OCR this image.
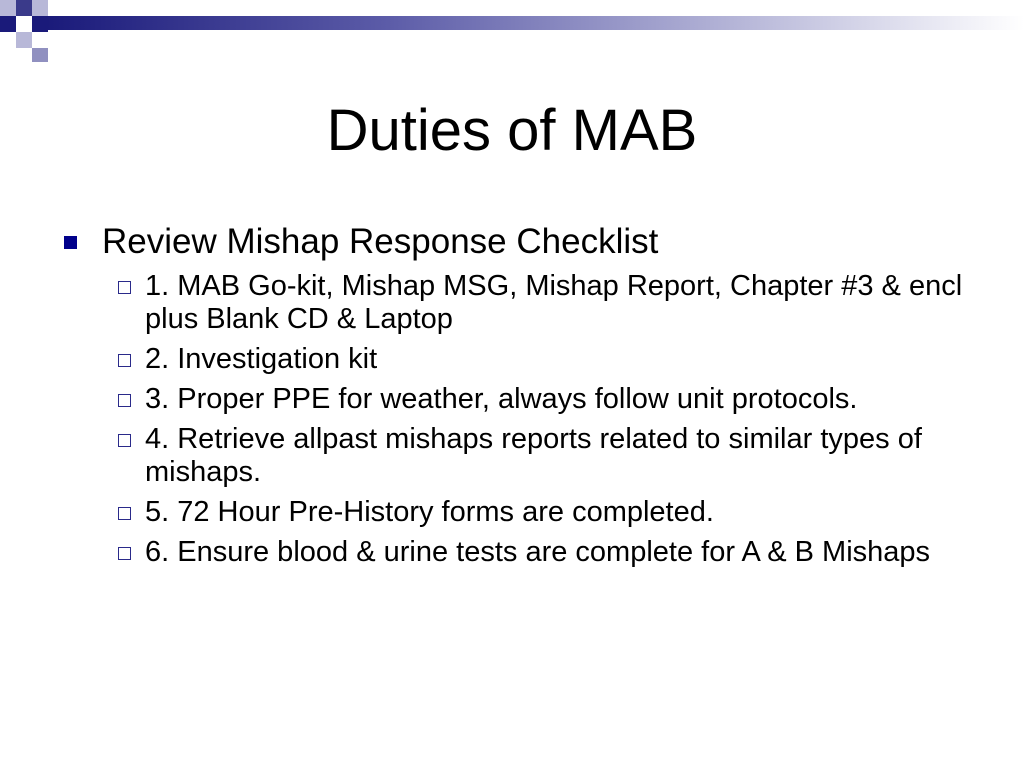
Duties of MAB
Review Mishap Response Checklist
1. MAB Go-kit, Mishap MSG, Mishap Report, Chapter #3 & encl plus Blank CD & Laptop
2. Investigation kit
3. Proper PPE for weather, always follow unit protocols.
4. Retrieve allpast mishaps reports related to similar types of mishaps.
5. 72 Hour Pre-History forms are completed.
6. Ensure blood & urine tests are complete for A & B Mishaps
